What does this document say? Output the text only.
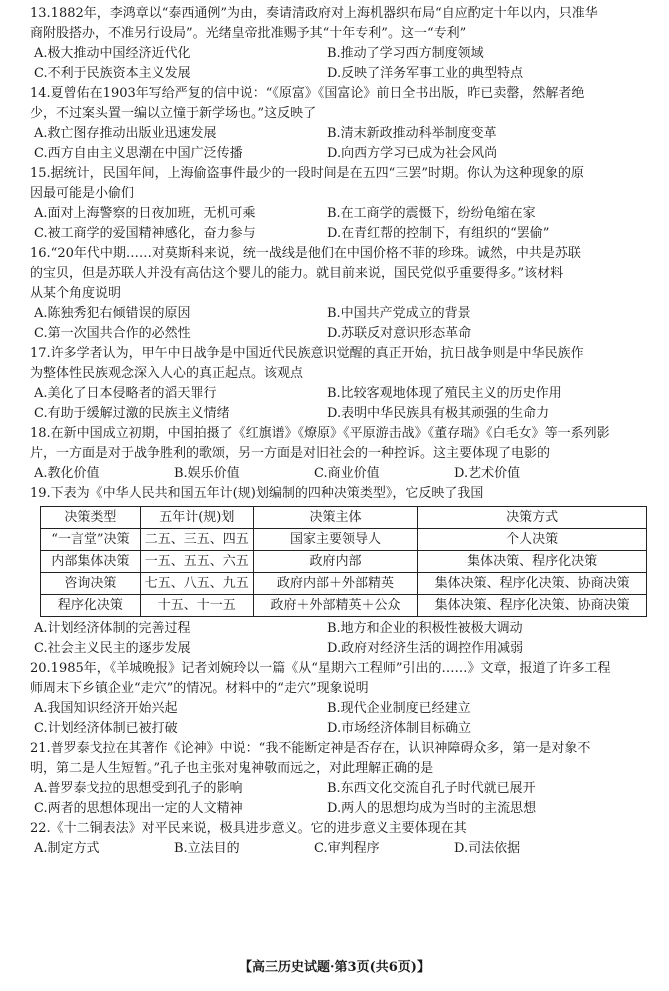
13.1882年，李鸿章以“泰西通例”为由，奏请清政府对上海机器织布局“自应酌定十年以内，只准华
商附股搭办，不准另行设局”。光绪皇帝批准赐予其“十年专利”。这一“专利”
A.极大推动中国经济近代化	B.推动了学习西方制度领域
C.不利于民族资本主义发展	D.反映了洋务军事工业的典型特点
14.夏曾佑在1903年写给严复的信中说：“《原富》《国富论》前日全书出版，昨已卖罄，然解者绝
少，不过案头置一编以立憧于新学场也。”这反映了
A.救亡图存推动出版业迅速发展	B.清末新政推动科举制度变革
C.西方自由主义思潮在中国广泛传播	D.向西方学习已成为社会风尚
15.据统计，民国年间，上海偷盗事件最少的一段时间是在五四“三罢”时期。你认为这种现象的原
因最可能是小偷们
A.面对上海警察的日夜加班，无机可乘	B.在工商学的震慑下，纷纷龟缩在家
C.被工商学的爱国精神感化，奋力参与	D.在青红帮的控制下，有组织的“罢偷”
16.“20年代中期……对莫斯科来说，统一战线是他们在中国价格不菲的珍珠。诚然，中共是苏联
的宝贝，但是苏联人并没有高估这个婴儿的能力。就目前来说，国民党似乎重要得多。”该材料
从某个角度说明
A.陈独秀犯右倾错误的原因	B.中国共产党成立的背景
C.第一次国共合作的必然性	D.苏联反对意识形态革命
17.许多学者认为，甲午中日战争是中国近代民族意识觉醒的真正开始，抗日战争则是中华民族作
为整体性民族观念深入人心的真正起点。该观点
A.美化了日本侵略者的滔天罪行	B.比较客观地体现了殖民主义的历史作用
C.有助于缓解过激的民族主义情绪	D.表明中华民族具有极其顽强的生命力
18.在新中国成立初期，中国拍摄了《红旗谱》《燎原》《平原游击战》《董存瑞》《白毛女》等一系列影
片，一方面是对于战争胜利的歌颂，另一方面是对旧社会的一种控诉。这主要体现了电影的
A.教化价值	B.娱乐价值	C.商业价值	D.艺术价值
19.下表为《中华人民共和国五年计(规)划编制的四种决策类型》，它反映了我国
决策类型	五年计(规)划	决策主体	决策方式
“一言堂”决策	二五、三五、四五	国家主要领导人	个人决策
内部集体决策	一五、五五、六五	政府内部	集体决策、程序化决策
咨询决策	七五、八五、九五	政府内部＋外部精英	集体决策、程序化决策、协商决策
程序化决策	十五、十一五	政府＋外部精英＋公众	集体决策、程序化决策、协商决策
A.计划经济体制的完善过程	B.地方和企业的积极性被极大调动
C.社会主义民主的逐步发展	D.政府对经济生活的调控作用减弱
20.1985年，《羊城晚报》记者刘婉玲以一篇《从“星期六工程师”引出的……》文章，报道了许多工程
师周末下乡镇企业“走穴”的情况。材料中的“走穴”现象说明
A.我国知识经济开始兴起	B.现代企业制度已经建立
C.计划经济体制已被打破	D.市场经济体制目标确立
21.普罗泰戈拉在其著作《论神》中说：“我不能断定神是否存在，认识神障碍众多，第一是对象不
明，第二是人生短暂。”孔子也主张对鬼神敬而远之，对此理解正确的是
A.普罗泰戈拉的思想受到孔子的影响	B.东西文化交流自孔子时代就已展开
C.两者的思想体现出一定的人文精神	D.两人的思想均成为当时的主流思想
22.《十二铜表法》对平民来说，极具进步意义。它的进步意义主要体现在其
A.制定方式	B.立法目的	C.审判程序	D.司法依据
【高三历史试题·第3页(共6页)】
